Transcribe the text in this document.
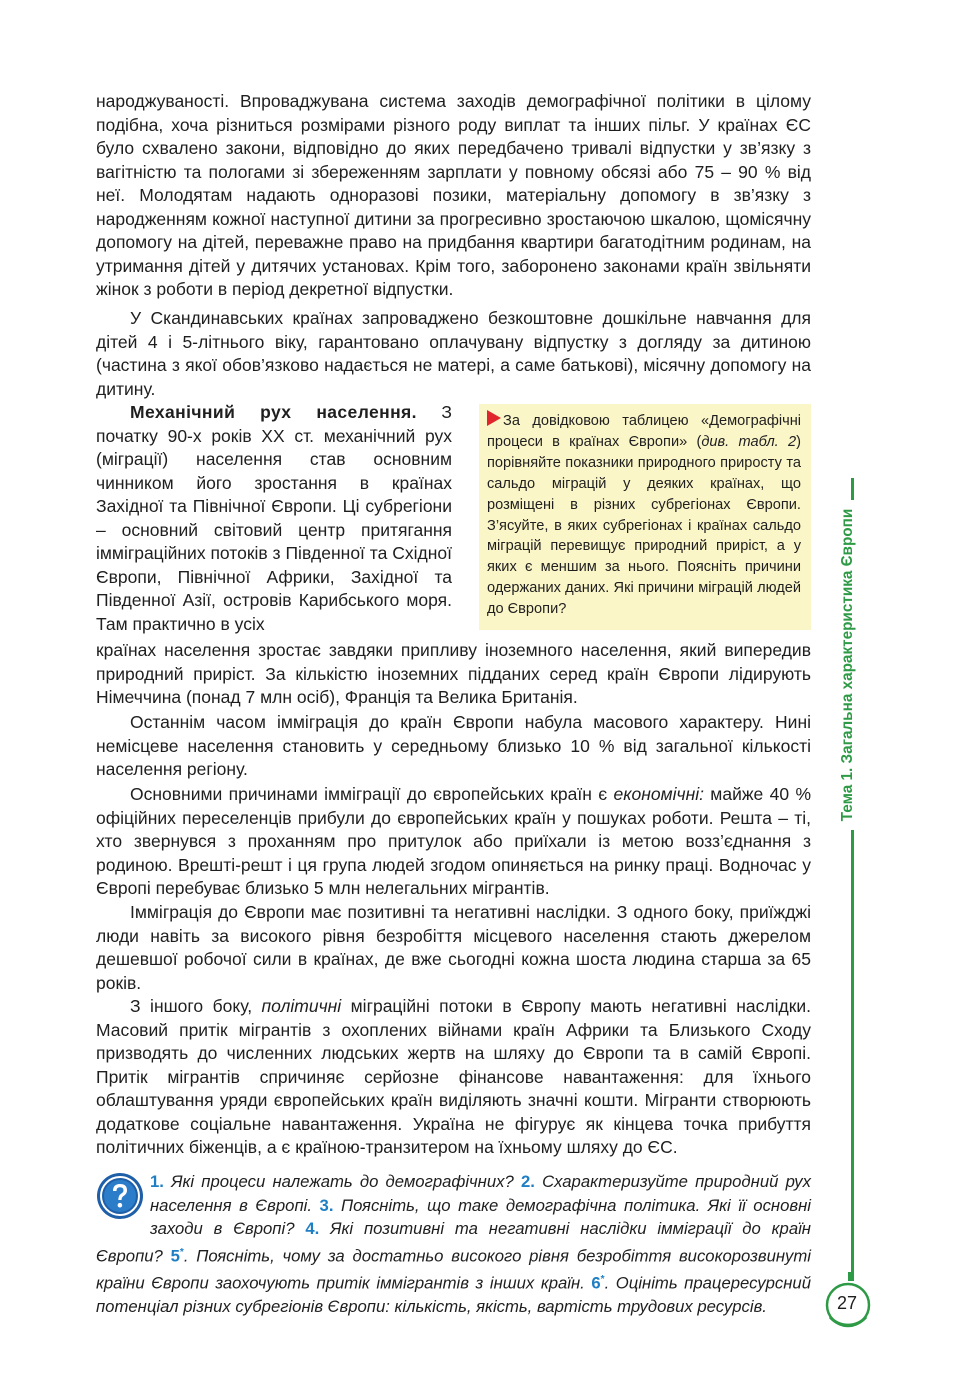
народжуваності. Впроваджувана система заходів демографічної політики в цілому подібна, хоча різниться розмірами різного роду виплат та інших пільг. У країнах ЄС було схвалено закони, відповідно до яких передбачено тривалі відпустки у зв’язку з вагітністю та пологами зі збереженням зарплати у повному обсязі або 75 – 90 % від неї. Молодятам надають одноразові позики, матеріальну допомогу в зв’язку з народженням кожної наступної дитини за прогресивно зростаючою шкалою, щомісячну допомогу на дітей, переважне право на придбання квартири багатодітним родинам, на утримання дітей у дитячих установах. Крім того, заборонено законами країн звільняти жінок з роботи в період декретної відпустки.

У Скандинавських країнах запроваджено безкоштовне дошкільне навчання для дітей 4 і 5-літнього віку, гарантовано оплачувану відпустку з догляду за дитиною (частина з якої обов’язково надається не матері, а саме батькові), місячну допомогу на дитину.

Механічний рух населення. З початку 90-х років XX ст. механічний рух (міграції) населення став основним чинником його зростання в країнах Західної та Північної Європи. Ці субрегіони – основний світовий центр притягання імміграційних потоків з Південної та Східної Європи, Північної Африки, Західної та Південної Азії, островів Карибського моря. Там практично в усіх

країнах населення зростає завдяки припливу іноземного населення, який випередив природний приріст. За кількістю іноземних підданих серед країн Європи лідирують Німеччина (понад 7 млн осіб), Франція та Велика Британія.

За довідковою таблицею «Демографічні процеси в країнах Європи» (див. табл. 2) порівняйте показники природного приросту та сальдо міграцій у деяких країнах, що розміщені в різних субрегіонах Європи. З’ясуйте, в яких субрегіонах і країнах сальдо міграцій перевищує природний приріст, а у яких є меншим за нього. Поясніть причини одержаних даних. Які причини міграцій людей до Європи?

Останнім часом імміграція до країн Європи набула масового характеру. Нині немісцеве населення становить у середньому близько 10 % від загальної кількості населення регіону.

Основними причинами імміграції до європейських країн є економічні: майже 40 % офіційних переселенців прибули до європейських країн у пошуках роботи. Решта – ті, хто звернувся з проханням про притулок або приїхали із метою возз’єднання з родиною. Врешті-решт і ця група людей згодом опиняється на ринку праці. Водночас у Європі перебуває близько 5 млн нелегальних мігрантів.

Імміграція до Європи має позитивні та негативні наслідки. З одного боку, приїжджі люди навіть за високого рівня безробіття місцевого населення стають джерелом дешевшої робочої сили в країнах, де вже сьогодні кожна шоста людина старша за 65 років.

З іншого боку, політичні міграційні потоки в Європу мають негативні наслідки. Масовий притік мігрантів з охоплених війнами країн Африки та Близького Сходу призводять до численних людських жертв на шляху до Європи та в самій Європі. Притік мігрантів спричиняє серйозне фінансове навантаження: для їхнього облаштування уряди європейських країн виділяють значні кошти. Мігранти створюють додаткове соціальне навантаження. Україна не фігурує як кінцева точка прибуття політичних біженців, а є країною-транзитером на їхньому шляху до ЄС.

1. Які процеси належать до демографічних? 2. Схарактеризуйте природний рух населення в Європі. 3. Поясніть, що таке демографічна політика. Які її основні заходи в Європі? 4. Які позитивні та негативні наслідки імміграції до країн Європи? 5*. Поясніть, чому за достатньо високого рівня безробіття високорозвинуті країни Європи заохочують притік іммігрантів з інших країн. 6*. Оцініть працересурсний потенціал різних субрегіонів Європи: кількість, якість, вартість трудових ресурсів.
Тема 1. Загальна характеристика Європи
27
